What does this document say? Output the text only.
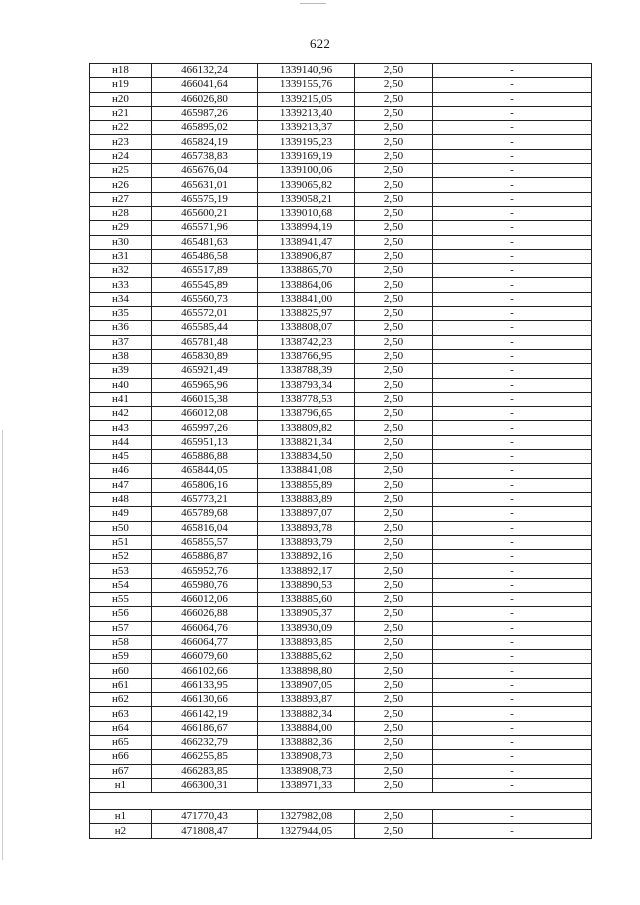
622
н18	466132,24	1339140,96	2,50	-
н19	466041,64	1339155,76	2,50	-
н20	466026,80	1339215,05	2,50	-
н21	465987,26	1339213,40	2,50	-
н22	465895,02	1339213,37	2,50	-
н23	465824,19	1339195,23	2,50	-
н24	465738,83	1339169,19	2,50	-
н25	465676,04	1339100,06	2,50	-
н26	465631,01	1339065,82	2,50	-
н27	465575,19	1339058,21	2,50	-
н28	465600,21	1339010,68	2,50	-
н29	465571,96	1338994,19	2,50	-
н30	465481,63	1338941,47	2,50	-
н31	465486,58	1338906,87	2,50	-
н32	465517,89	1338865,70	2,50	-
н33	465545,89	1338864,06	2,50	-
н34	465560,73	1338841,00	2,50	-
н35	465572,01	1338825,97	2,50	-
н36	465585,44	1338808,07	2,50	-
н37	465781,48	1338742,23	2,50	-
н38	465830,89	1338766,95	2,50	-
н39	465921,49	1338788,39	2,50	-
н40	465965,96	1338793,34	2,50	-
н41	466015,38	1338778,53	2,50	-
н42	466012,08	1338796,65	2,50	-
н43	465997,26	1338809,82	2,50	-
н44	465951,13	1338821,34	2,50	-
н45	465886,88	1338834,50	2,50	-
н46	465844,05	1338841,08	2,50	-
н47	465806,16	1338855,89	2,50	-
н48	465773,21	1338883,89	2,50	-
н49	465789,68	1338897,07	2,50	-
н50	465816,04	1338893,78	2,50	-
н51	465855,57	1338893,79	2,50	-
н52	465886,87	1338892,16	2,50	-
н53	465952,76	1338892,17	2,50	-
н54	465980,76	1338890,53	2,50	-
н55	466012,06	1338885,60	2,50	-
н56	466026,88	1338905,37	2,50	-
н57	466064,76	1338930,09	2,50	-
н58	466064,77	1338893,85	2,50	-
н59	466079,60	1338885,62	2,50	-
н60	466102,66	1338898,80	2,50	-
н61	466133,95	1338907,05	2,50	-
н62	466130,66	1338893,87	2,50	-
н63	466142,19	1338882,34	2,50	-
н64	466186,67	1338884,00	2,50	-
н65	466232,79	1338882,36	2,50	-
н66	466255,85	1338908,73	2,50	-
н67	466283,85	1338908,73	2,50	-
н1	466300,31	1338971,33	2,50	-

н1	471770,43	1327982,08	2,50	-
н2	471808,47	1327944,05	2,50	-
